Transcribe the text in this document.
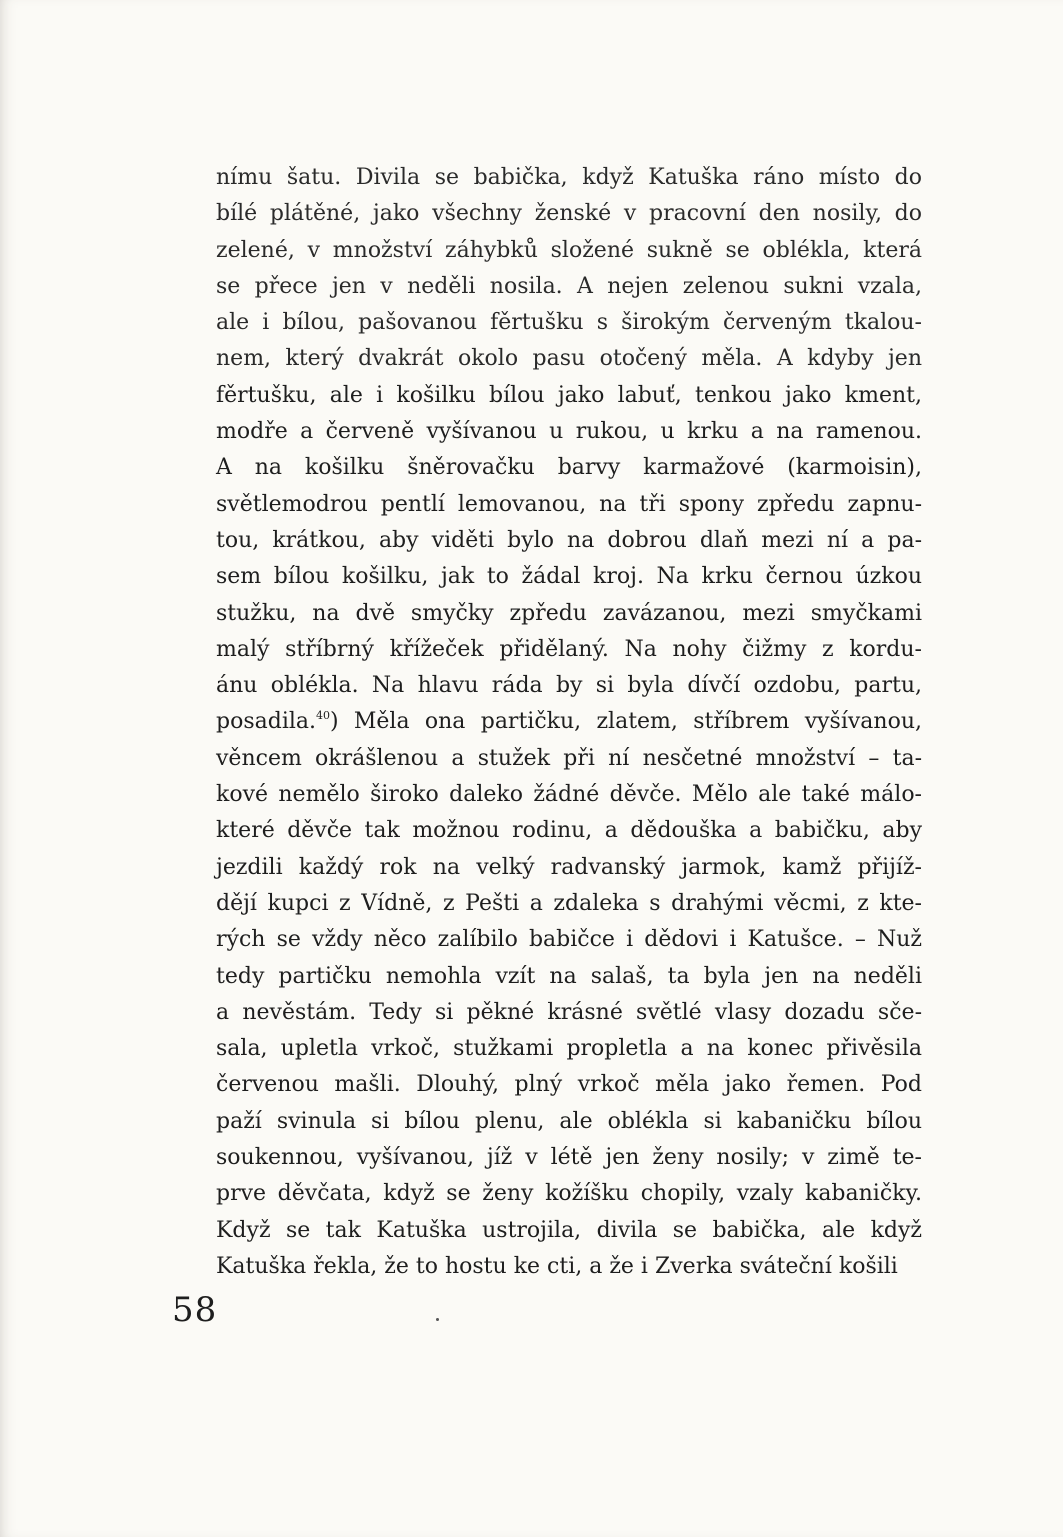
nímu šatu. Divila se babička, když Katuška ráno místo do
bílé plátěné, jako všechny ženské v pracovní den nosily, do
zelené, v množství záhybků složené sukně se oblékla, která
se přece jen v neděli nosila. A nejen zelenou sukni vzala,
ale i bílou, pašovanou fěrtušku s širokým červeným tkalou-
nem, který dvakrát okolo pasu otočený měla. A kdyby jen
fěrtušku, ale i košilku bílou jako labuť, tenkou jako kment,
modře a červeně vyšívanou u rukou, u krku a na ramenou.
A na košilku šněrovačku barvy karmažové (karmoisin),
světlemodrou pentlí lemovanou, na tři spony zpředu zapnu-
tou, krátkou, aby viděti bylo na dobrou dlaň mezi ní a pa-
sem bílou košilku, jak to žádal kroj. Na krku černou úzkou
stužku, na dvě smyčky zpředu zavázanou, mezi smyčkami
malý stříbrný křížeček přidělaný. Na nohy čižmy z kordu-
ánu oblékla. Na hlavu ráda by si byla dívčí ozdobu, partu,
posadila.$^{40}$) Měla ona partičku, zlatem, stříbrem vyšívanou,
věncem okrášlenou a stužek při ní nesčetné množství – ta-
kové nemělo široko daleko žádné děvče. Mělo ale také málo-
které děvče tak možnou rodinu, a dědouška a babičku, aby
jezdili každý rok na velký radvanský jarmok, kamž přijíž-
dějí kupci z Vídně, z Pešti a zdaleka s drahými věcmi, z kte-
rých se vždy něco zalíbilo babičce i dědovi i Katušce. – Nuž
tedy partičku nemohla vzít na salaš, ta byla jen na neděli
a nevěstám. Tedy si pěkné krásné světlé vlasy dozadu sče-
sala, upletla vrkoč, stužkami propletla a na konec přivěsila
červenou mašli. Dlouhý, plný vrkoč měla jako řemen. Pod
paží svinula si bílou plenu, ale oblékla si kabaničku bílou
soukennou, vyšívanou, jíž v létě jen ženy nosily; v zimě te-
prve děvčata, když se ženy kožíšku chopily, vzaly kabaničky.
Když se tak Katuška ustrojila, divila se babička, ale když
Katuška řekla, že to hostu ke cti, a že i Zverka sváteční košili
58
